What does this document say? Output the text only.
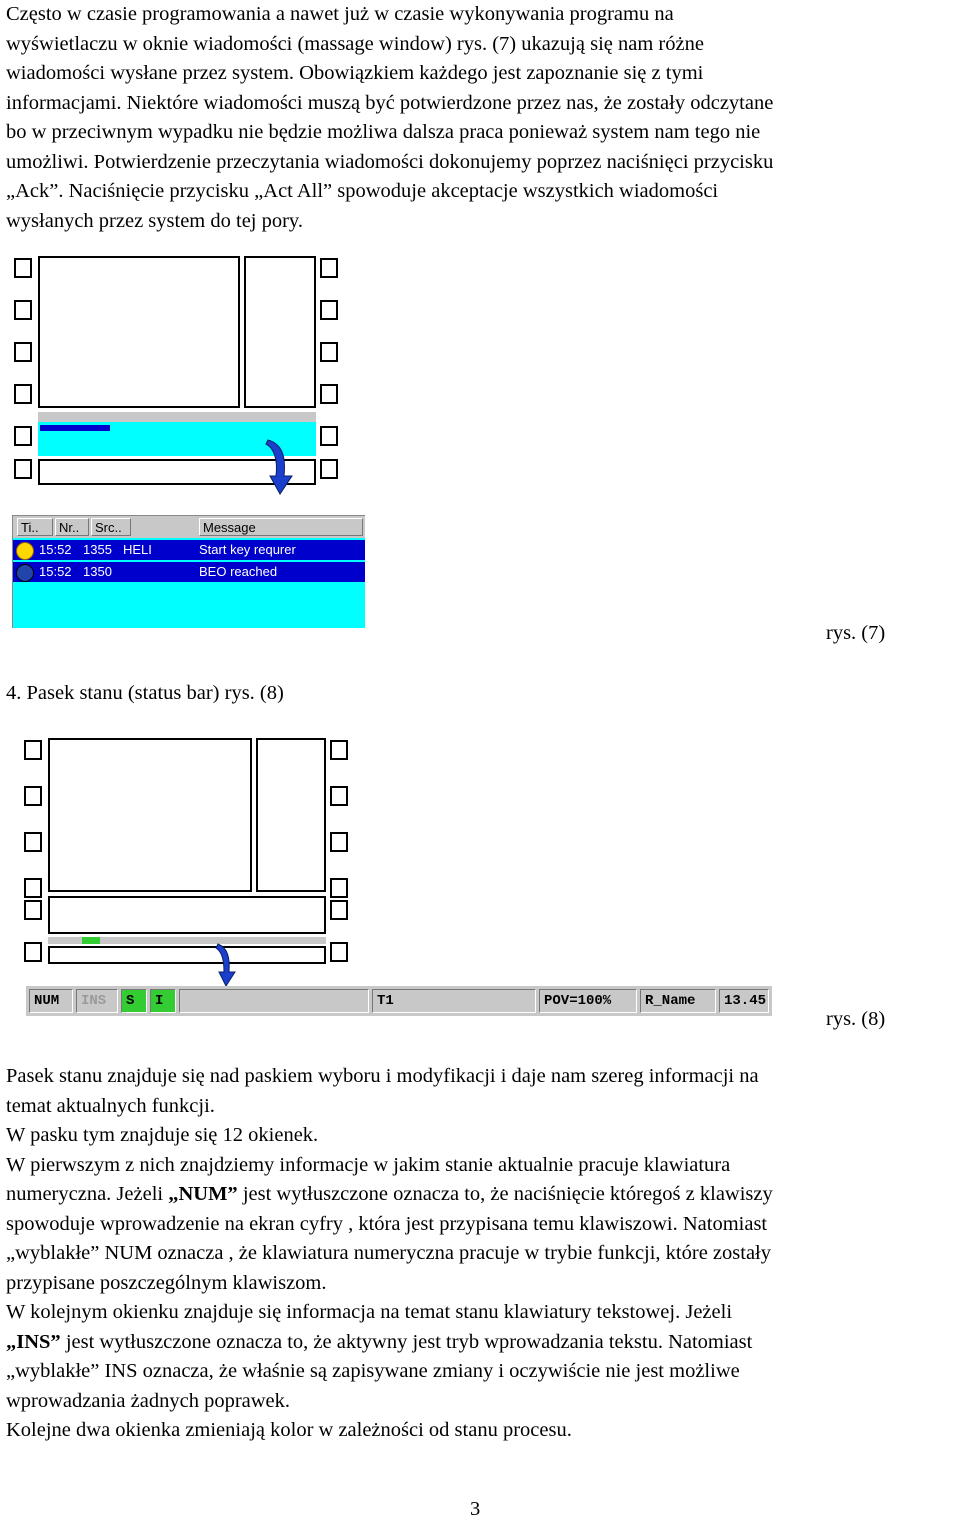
Często w czasie programowania a nawet już w czasie wykonywania programu na
wyświetlaczu w oknie wiadomości (massage window) rys. (7) ukazują się nam różne
wiadomości wysłane przez system. Obowiązkiem każdego jest zapoznanie się z tymi
informacjami. Niektóre wiadomości muszą być potwierdzone przez nas, że zostały odczytane
bo w przeciwnym wypadku nie będzie możliwa dalsza praca ponieważ system nam tego nie
umożliwi. Potwierdzenie przeczytania wiadomości dokonujemy poprzez naciśnięci przycisku
„Ack”. Naciśnięcie przycisku „Act All” spowoduje akceptacje wszystkich wiadomości
wysłanych przez system do tej pory.
Ti..	Nr..	Src..	Message
15:52 1355 HELI	Start key requrer
15:52 1350	BEO reached
rys. (7)
4. Pasek stanu (status bar) rys. (8)
NUM	INS	S	I	T1	POV=100%	R_Name	13.45
rys. (8)
Pasek stanu znajduje się nad paskiem wyboru i modyfikacji i daje nam szereg informacji na
temat aktualnych funkcji.
W pasku tym znajduje się 12 okienek.
W pierwszym z nich znajdziemy informacje w jakim stanie aktualnie pracuje klawiatura
numeryczna. Jeżeli „NUM” jest wytłuszczone oznacza to, że naciśnięcie któregoś z klawiszy
spowoduje wprowadzenie na ekran cyfry , która jest przypisana temu klawiszowi. Natomiast
„wyblakłe” NUM oznacza , że klawiatura numeryczna pracuje w trybie funkcji, które zostały
przypisane poszczególnym klawiszom.
W kolejnym okienku znajduje się informacja na temat stanu klawiatury tekstowej. Jeżeli
„INS” jest wytłuszczone oznacza to, że aktywny jest tryb wprowadzania tekstu. Natomiast
„wyblakłe” INS oznacza, że właśnie są zapisywane zmiany i oczywiście nie jest możliwe
wprowadzania żadnych poprawek.
Kolejne dwa okienka zmieniają kolor w zależności od stanu procesu.
3
